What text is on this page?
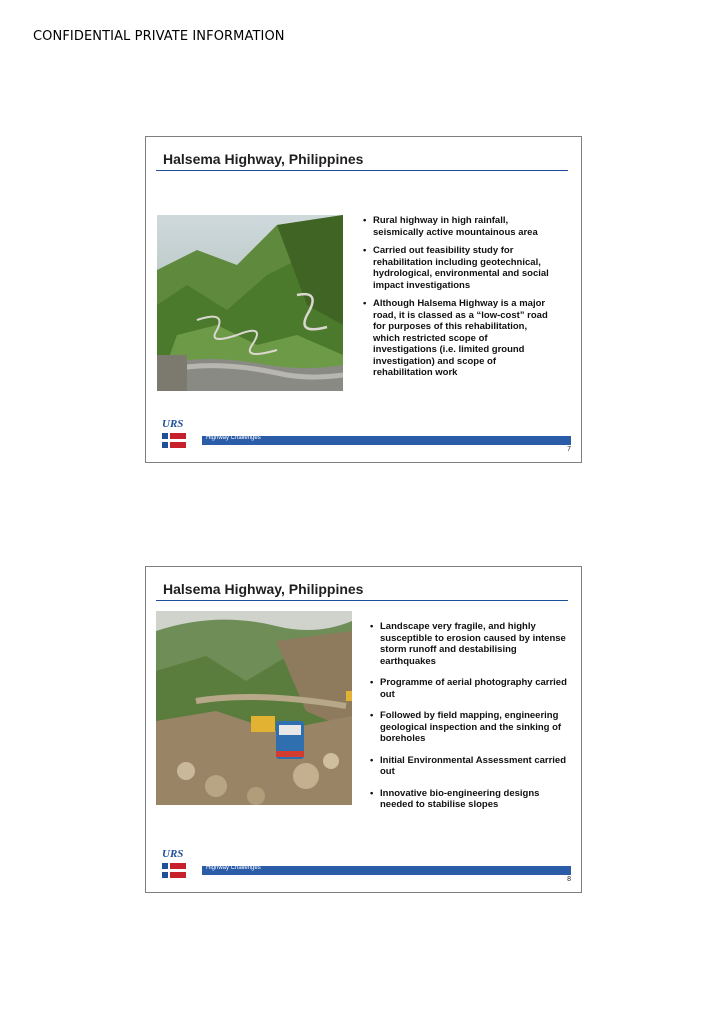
CONFIDENTIAL PRIVATE INFORMATION
Halsema Highway, Philippines
• Rural highway in high rainfall, seismically active mountainous area
• Carried out feasibility study for rehabilitation including geotechnical, hydrological, environmental and social impact investigations
• Although Halsema Highway is a major road, it is classed as a “low-cost” road for purposes of this rehabilitation, which restricted scope of investigations (i.e. limited ground investigation) and scope of rehabilitation work
URS
Highway Challenges
7
Halsema Highway, Philippines
• Landscape very fragile, and highly susceptible to erosion caused by intense storm runoff and destabilising earthquakes
• Programme of aerial photography carried out
• Followed by field mapping, engineering geological inspection and the sinking of boreholes
• Initial Environmental Assessment carried out
• Innovative bio-engineering designs needed to stabilise slopes
URS
Highway Challenges
8
